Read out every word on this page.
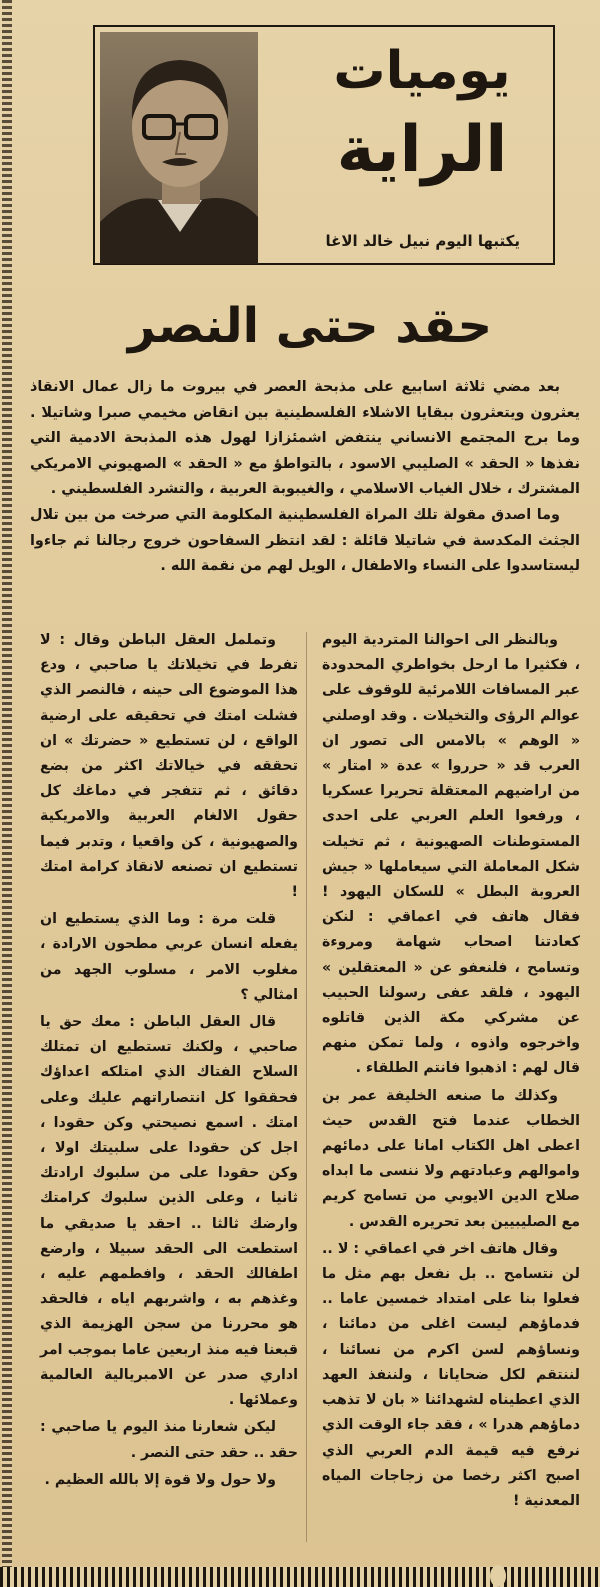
يوميات
الراية
يكتبها اليوم نبيل خالد الاغا
حقد حتى النصر

بعد مضي ثلاثة اسابيع على مذبحة العصر في بيروت ما زال عمال الانقاذ يعثرون ويتعثرون ببقايا الاشلاء الفلسطينية بين انقاض مخيمي صبرا وشاتيلا . وما برح المجتمع الانساني ينتفض اشمئزازا لهول هذه المذبحة الادمية التي نفذها « الحقد » الصليبي الاسود ، بالتواطؤ مع « الحقد » الصهيوني الامريكي المشترك ، خلال الغياب الاسلامي ، والغيبوبة العربية ، والتشرد الفلسطيني .

وما اصدق مقولة تلك المراة الفلسطينية المكلومة التي صرخت من بين تلال الجثث المكدسة في شاتيلا قائلة : لقد انتظر السفاحون خروج رجالنا ثم جاءوا ليستاسدوا على النساء والاطفال ، الويل لهم من نقمة الله .

وبالنظر الى احوالنا المتردية اليوم ، فكثيرا ما ارحل بخواطري المحدودة عبر المسافات اللامرئية للوقوف على عوالم الرؤى والتخيلات . وقد اوصلني « الوهم » بالامس الى تصور ان العرب قد « حرروا » عدة « امتار » من اراضيهم المعتقلة تحريرا عسكريا ، ورفعوا العلم العربي على احدى المستوطنات الصهيونية ، ثم تخيلت شكل المعاملة التي سيعاملها « جيش العروبة البطل » للسكان اليهود ! فقال هاتف في اعماقي : لنكن كعادتنا اصحاب شهامة ومروءة وتسامح ، فلنعفو عن « المعتقلين » اليهود ، فلقد عفى رسولنا الحبيب عن مشركي مكة الذين قاتلوه واخرجوه واذوه ، ولما تمكن منهم قال لهم : اذهبوا فانتم الطلقاء .

وكذلك ما صنعه الخليفة عمر بن الخطاب عندما فتح القدس حيث اعطى اهل الكتاب امانا على دمائهم واموالهم وعبادتهم ولا ننسى ما ابداه صلاح الدين الايوبي من تسامح كريم مع الصليبيين بعد تحريره القدس .

وقال هاتف اخر في اعماقي : لا .. لن نتسامح .. بل نفعل بهم مثل ما فعلوا بنا على امتداد خمسين عاما .. فدماؤهم ليست اغلى من دمائنا ، ونساؤهم لسن اكرم من نسائنا ، لننتقم لكل ضحايانا ، ولننفذ العهد الذي اعطيناه لشهدائنا « بان لا تذهب دماؤهم هدرا » ، فقد جاء الوقت الذي نرفع فيه قيمة الدم العربي الذي اصبح اكثر رخصا من زجاجات المياه المعدنية !

وتململ العقل الباطن وقال : لا تفرط في تخيلاتك يا صاحبي ، ودع هذا الموضوع الى حينه ، فالنصر الذي فشلت امتك في تحقيقه على ارضية الواقع ، لن تستطيع « حضرتك » ان تحققه في خيالاتك اكثر من بضع دقائق ، ثم تتفجر في دماغك كل حقول الالغام العربية والامريكية والصهيونية ، كن واقعيا ، وتدبر فيما تستطيع ان تصنعه لانقاذ كرامة امتك !

قلت مرة : وما الذي يستطيع ان يفعله انسان عربي مطحون الارادة ، مغلوب الامر ، مسلوب الجهد من امثالي ؟

قال العقل الباطن : معك حق يا صاحبي ، ولكنك تستطيع ان تمتلك السلاح الفتاك الذي امتلكه اعداؤك فحققوا كل انتصاراتهم عليك وعلى امتك . اسمع نصيحتي وكن حقودا ، اجل كن حقودا على سلبيتك اولا ، وكن حقودا على من سلبوك ارادتك ثانيا ، وعلى الذين سلبوك كرامتك وارضك ثالثا .. احقد يا صديقي ما استطعت الى الحقد سبيلا ، وارضع اطفالك الحقد ، وافطمهم عليه ، وغذهم به ، واشربهم اياه ، فالحقد هو محررنا من سجن الهزيمة الذي قبعنا فيه منذ اربعين عاما بموجب امر اداري صدر عن الامبريالية العالمية وعملائها .

ليكن شعارنا منذ اليوم يا صاحبي : حقد .. حقد حتى النصر .

ولا حول ولا قوة إلا بالله العظيم .
